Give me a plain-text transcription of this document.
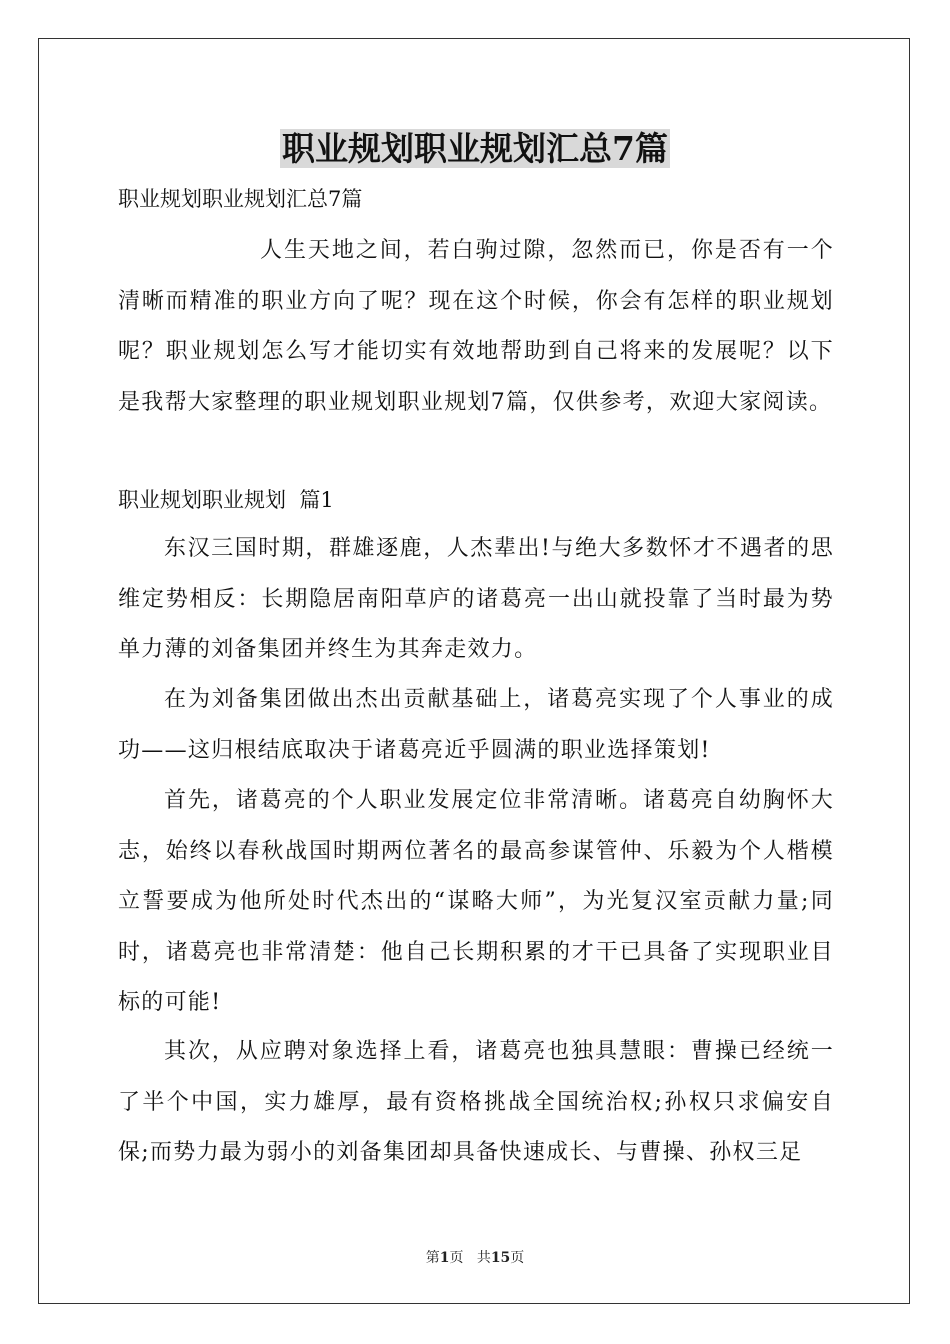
职业规划职业规划汇总7篇

职业规划职业规划汇总7篇

人生天地之间，若白驹过隙，忽然而已，你是否有一个清晰而精准的职业方向了呢？现在这个时候，你会有怎样的职业规划呢？职业规划怎么写才能切实有效地帮助到自己将来的发展呢？以下是我帮大家整理的职业规划职业规划7篇，仅供参考，欢迎大家阅读。

职业规划职业规划  篇1

东汉三国时期，群雄逐鹿，人杰辈出!与绝大多数怀才不遇者的思维定势相反：长期隐居南阳草庐的诸葛亮一出山就投靠了当时最为势单力薄的刘备集团并终生为其奔走效力。

在为刘备集团做出杰出贡献基础上，诸葛亮实现了个人事业的成功——这归根结底取决于诸葛亮近乎圆满的职业选择策划!

首先，诸葛亮的个人职业发展定位非常清晰。诸葛亮自幼胸怀大志，始终以春秋战国时期两位著名的最高参谋管仲、乐毅为个人楷模立誓要成为他所处时代杰出的“谋略大师”，为光复汉室贡献力量;同时，诸葛亮也非常清楚：他自己长期积累的才干已具备了实现职业目标的可能!

其次，从应聘对象选择上看，诸葛亮也独具慧眼：曹操已经统一了半个中国，实力雄厚，最有资格挑战全国统治权;孙权只求偏安自保;而势力最为弱小的刘备集团却具备快速成长、与曹操、孙权三足

第1页 共15页
